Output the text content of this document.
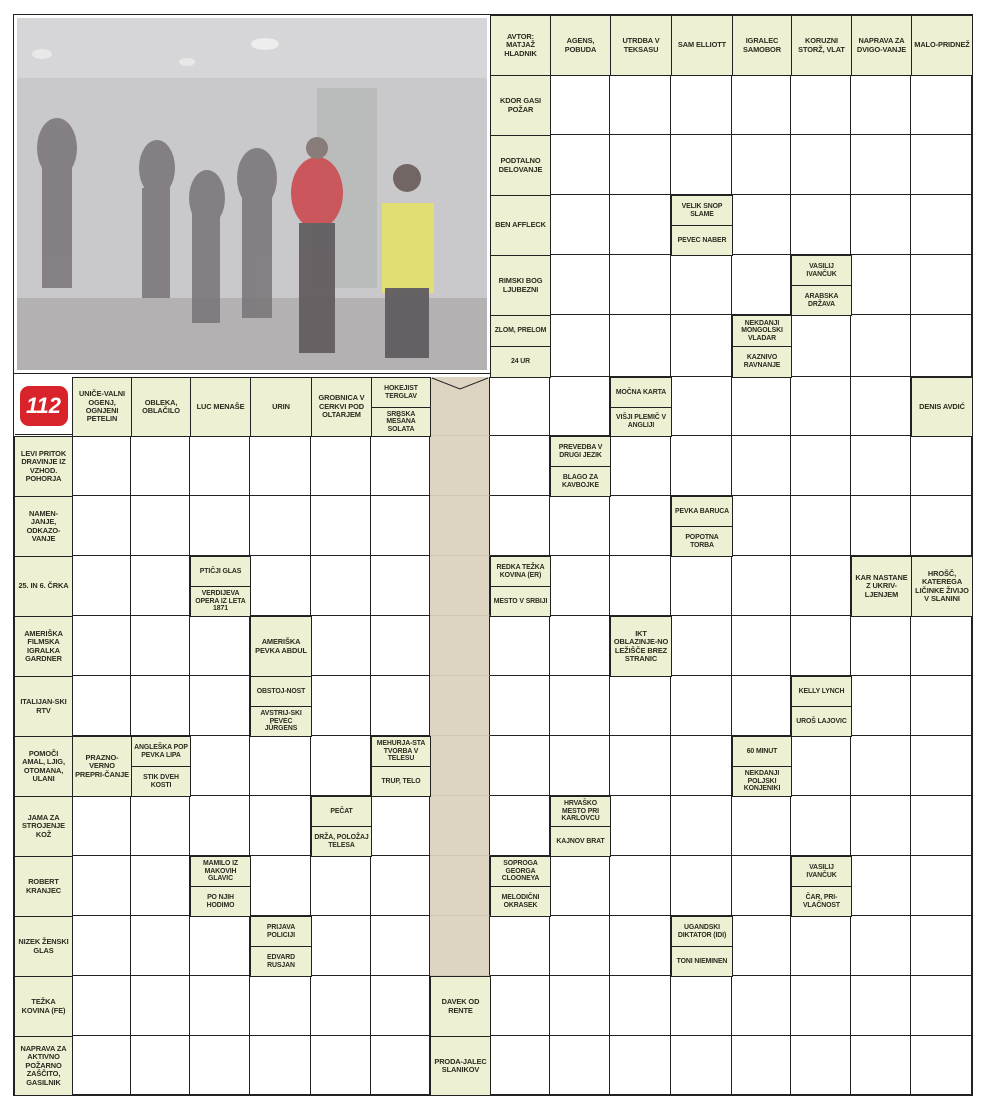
112
AVTOR: MATJAŽ HLADNIK
AGENS, POBUDA
UTRDBA V TEKSASU	SAM ELLIOTT	IGRALEC SAMOBOR
KORUZNI STORŽ, VLAT
NAPRAVA ZA DVIGO-VANJE	MALO-PRIDNEŽ
KDOR GASI POŽAR
PODTALNO DELOVANJE
BEN AFFLECK
VELIK SNOP SLAME
PEVEC NABER
RIMSKI BOG LJUBEZNI
VASILIJ IVANČUK
ARABSKA DRŽAVA
ZLOM, PRELOM
24 UR
NEKDANJI MONGOLSKI VLADAR
KAZNIVO RAVNANJE
UNIČE-VALNI OGENJ, OGNJENI PETELIN
OBLEKA, OBLAČILO	LUC MENAŠE	URIN
GROBNICA V CERKVI POD OLTARJEM
HOKEJIST TERGLAV
SRBSKA MEŠANA SOLATA
MOČNA KARTA
VIŠJI PLEMIČ V ANGLIJI
DENIS AVDIĆ
LEVI PRITOK DRAVINJE IZ VZHOD. POHORJA
PREVEDBA V DRUGI JEZIK
BLAGO ZA KAVBOJKE
NAMEN-JANJE, ODKAZO-VANJE
PEVKA BARUCA
POPOTNA TORBA
25. IN 6. ČRKA
PTIČJI GLAS
VERDIJEVA OPERA IZ LETA 1871
REDKA TEŽKA KOVINA (ER)
MESTO V SRBIJI
KAR NASTANE Z UKRIV-LJENJEM
HROŠČ, KATEREGA LIČINKE ŽIVIJO V SLANINI
AMERIŠKA FILMSKA IGRALKA GARDNER
AMERIŠKA PEVKA ABDUL
IKT OBLAZINJE-NO LEŽIŠČE BREZ STRANIC
ITALIJAN-SKI RTV
OBSTOJ-NOST
AVSTRIJ-SKI PEVEC JÜRGENS
KELLY LYNCH
UROŠ LAJOVIC
POMOČI AMAL, LJIG, OTOMANA, ULANI
PRAZNO-VERNO PREPRI-ČANJE
ANGLEŠKA POP PEVKA LIPA
STIK DVEH KOSTI
MEHURJA-STA TVORBA V TELESU
TRUP, TELO
60 MINUT
NEKDANJI POLJSKI KONJENIKI
JAMA ZA STROJENJE KOŽ
PEČAT
DRŽA, POLOŽAJ TELESA
HRVAŠKO MESTO PRI KARLOVCU
KAJNOV BRAT
ROBERT KRANJEC
MAMILO IZ MAKOVIH GLAVIC
PO NJIH HODIMO
SOPROGA GEORGA CLOONEYA
MELODIČNI OKRASEK
VASILIJ IVANČUK
ČAR, PRI-VLAČNOST
NIZEK ŽENSKI GLAS
PRIJAVA POLICIJI
EDVARD RUSJAN
UGANDSKI DIKTATOR (IDI)
TONI NIEMINEN
TEŽKA KOVINA (FE)
DAVEK OD RENTE
NAPRAVA ZA AKTIVNO POŽARNO ZAŠČITO, GASILNIK
PRODA-JALEC SLANIKOV
